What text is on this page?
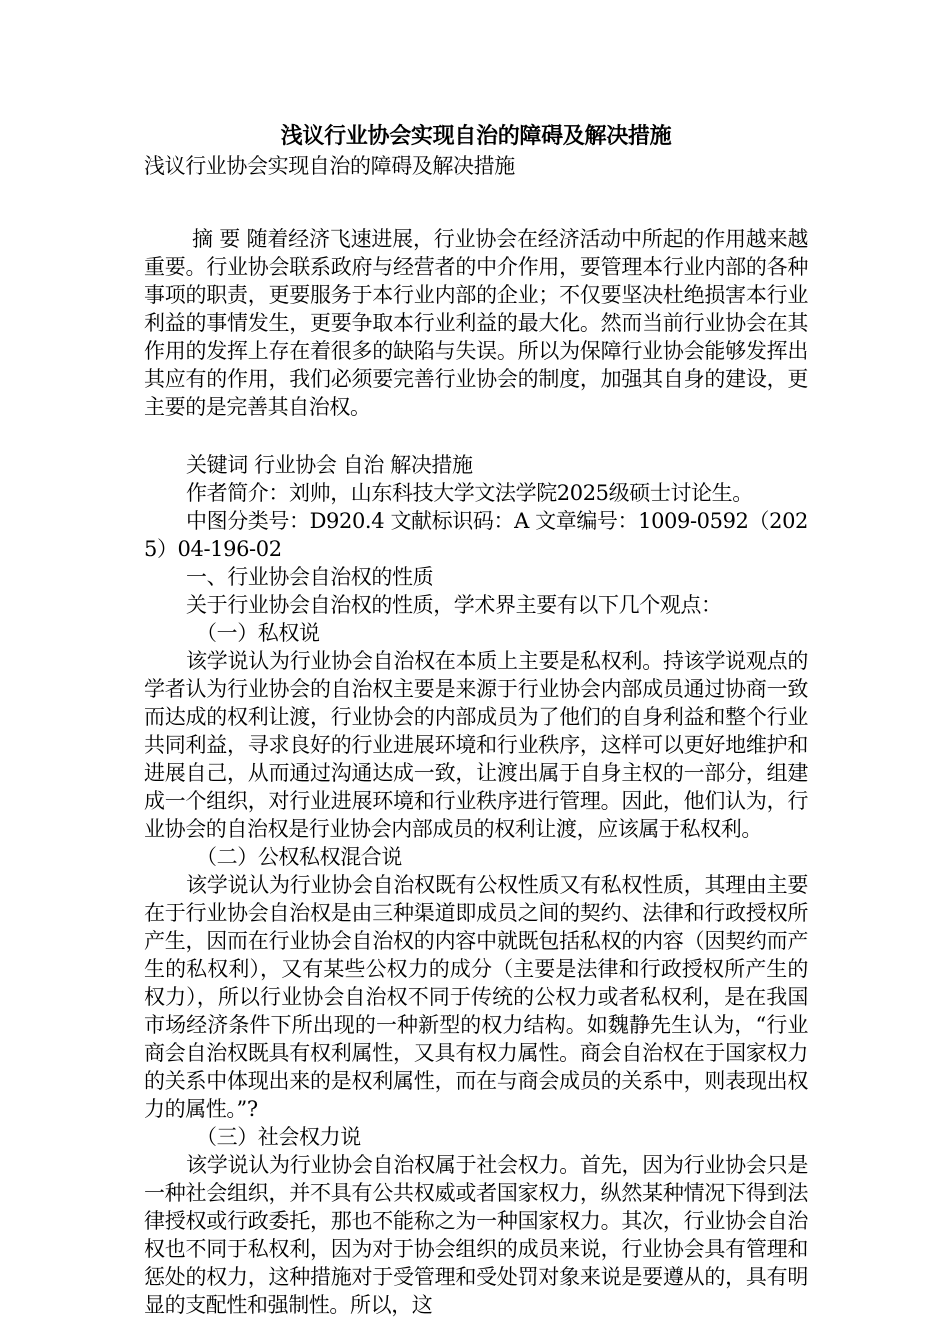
浅议行业协会实现自治的障碍及解决措施

浅议行业协会实现自治的障碍及解决措施

摘 要 随着经济飞速进展，行业协会在经济活动中所起的作用越来越重要。行业协会联系政府与经营者的中介作用，要管理本行业内部的各种事项的职责，更要服务于本行业内部的企业；不仅要坚决杜绝损害本行业利益的事情发生，更要争取本行业利益的最大化。然而当前行业协会在其作用的发挥上存在着很多的缺陷与失误。所以为保障行业协会能够发挥出其应有的作用，我们必须要完善行业协会的制度，加强其自身的建设，更主要的是完善其自治权。

关键词 行业协会 自治 解决措施

作者简介：刘帅，山东科技大学文法学院2025级硕士讨论生。

中图分类号：D920.4 文献标识码：A 文章编号：1009-0592（2025）04-196-02

一、行业协会自治权的性质

关于行业协会自治权的性质，学术界主要有以下几个观点：

（一）私权说

该学说认为行业协会自治权在本质上主要是私权利。持该学说观点的学者认为行业协会的自治权主要是来源于行业协会内部成员通过协商一致而达成的权利让渡，行业协会的内部成员为了他们的自身利益和整个行业共同利益，寻求良好的行业进展环境和行业秩序，这样可以更好地维护和进展自己，从而通过沟通达成一致，让渡出属于自身主权的一部分，组建成一个组织，对行业进展环境和行业秩序进行管理。因此，他们认为，行业协会的自治权是行业协会内部成员的权利让渡，应该属于私权利。

（二）公权私权混合说

该学说认为行业协会自治权既有公权性质又有私权性质，其理由主要在于行业协会自治权是由三种渠道即成员之间的契约、法律和行政授权所产生，因而在行业协会自治权的内容中就既包括私权的内容（因契约而产生的私权利），又有某些公权力的成分（主要是法律和行政授权所产生的权力），所以行业协会自治权不同于传统的公权力或者私权利，是在我国市场经济条件下所出现的一种新型的权力结构。如魏静先生认为，“行业商会自治权既具有权利属性，又具有权力属性。商会自治权在于国家权力的关系中体现出来的是权利属性，而在与商会成员的关系中，则表现出权力的属性。”?

（三）社会权力说

该学说认为行业协会自治权属于社会权力。首先，因为行业协会只是一种社会组织，并不具有公共权威或者国家权力，纵然某种情况下得到法律授权或行政委托，那也不能称之为一种国家权力。其次，行业协会自治权也不同于私权利，因为对于协会组织的成员来说，行业协会具有管理和惩处的权力，这种措施对于受管理和受处罚对象来说是要遵从的，具有明显的支配性和强制性。所以，这
